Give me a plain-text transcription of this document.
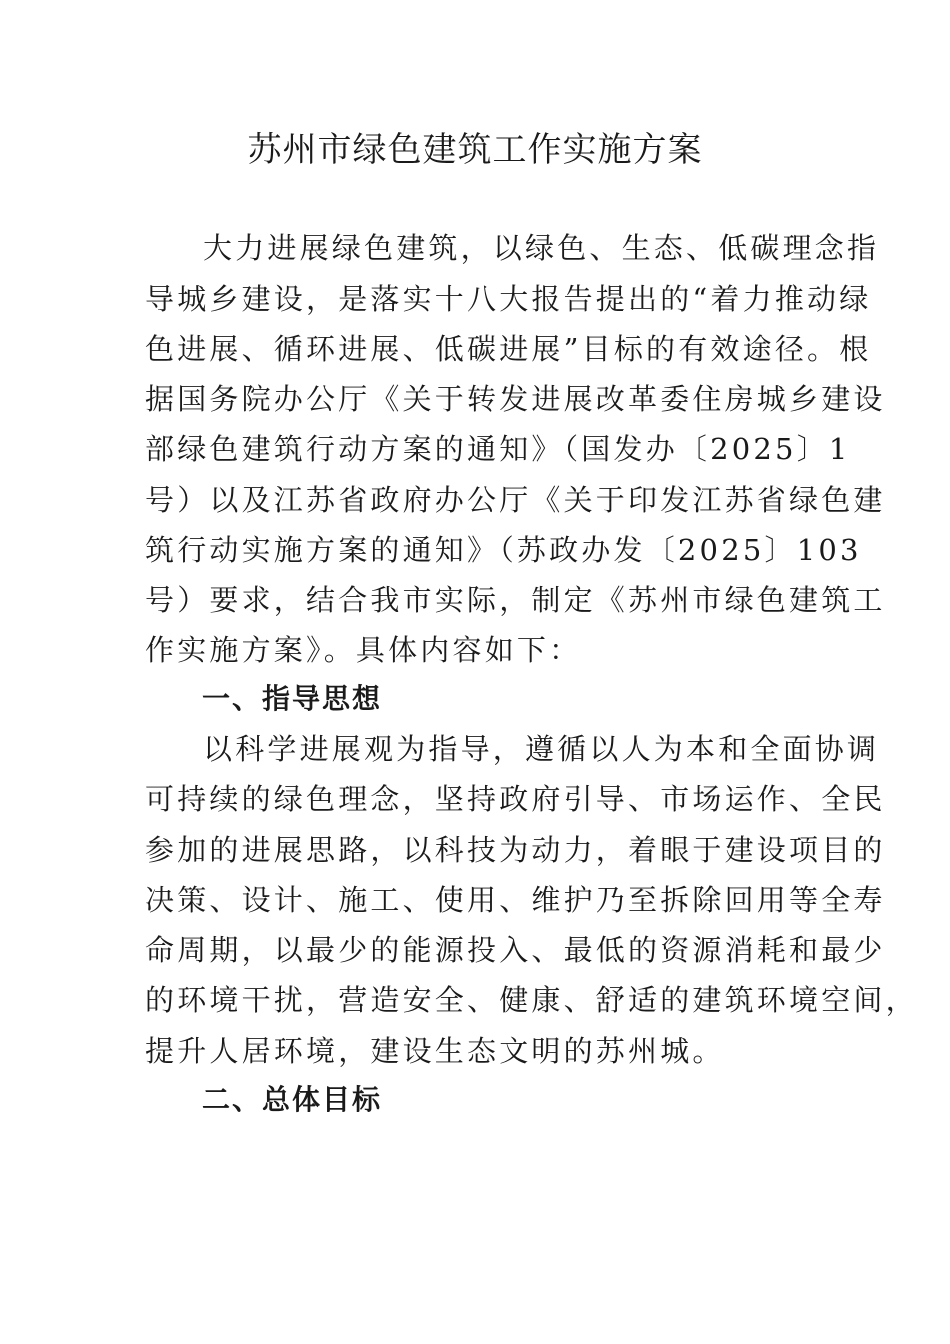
苏州市绿色建筑工作实施方案
大力进展绿色建筑，以绿色、生态、低碳理念指
导城乡建设，是落实十八大报告提出的“着力推动绿
色进展、循环进展、低碳进展”目标的有效途径。根
据国务院办公厅《关于转发进展改革委住房城乡建设
部绿色建筑行动方案的通知》（国发办〔2025〕1
号）以及江苏省政府办公厅《关于印发江苏省绿色建
筑行动实施方案的通知》（苏政办发〔2025〕103
号）要求，结合我市实际，制定《苏州市绿色建筑工
作实施方案》。具体内容如下：
一、指导思想
以科学进展观为指导，遵循以人为本和全面协调
可持续的绿色理念，坚持政府引导、市场运作、全民
参加的进展思路，以科技为动力，着眼于建设项目的
决策、设计、施工、使用、维护乃至拆除回用等全寿
命周期，以最少的能源投入、最低的资源消耗和最少
的环境干扰，营造安全、健康、舒适的建筑环境空间，
提升人居环境，建设生态文明的苏州城。
二、总体目标
